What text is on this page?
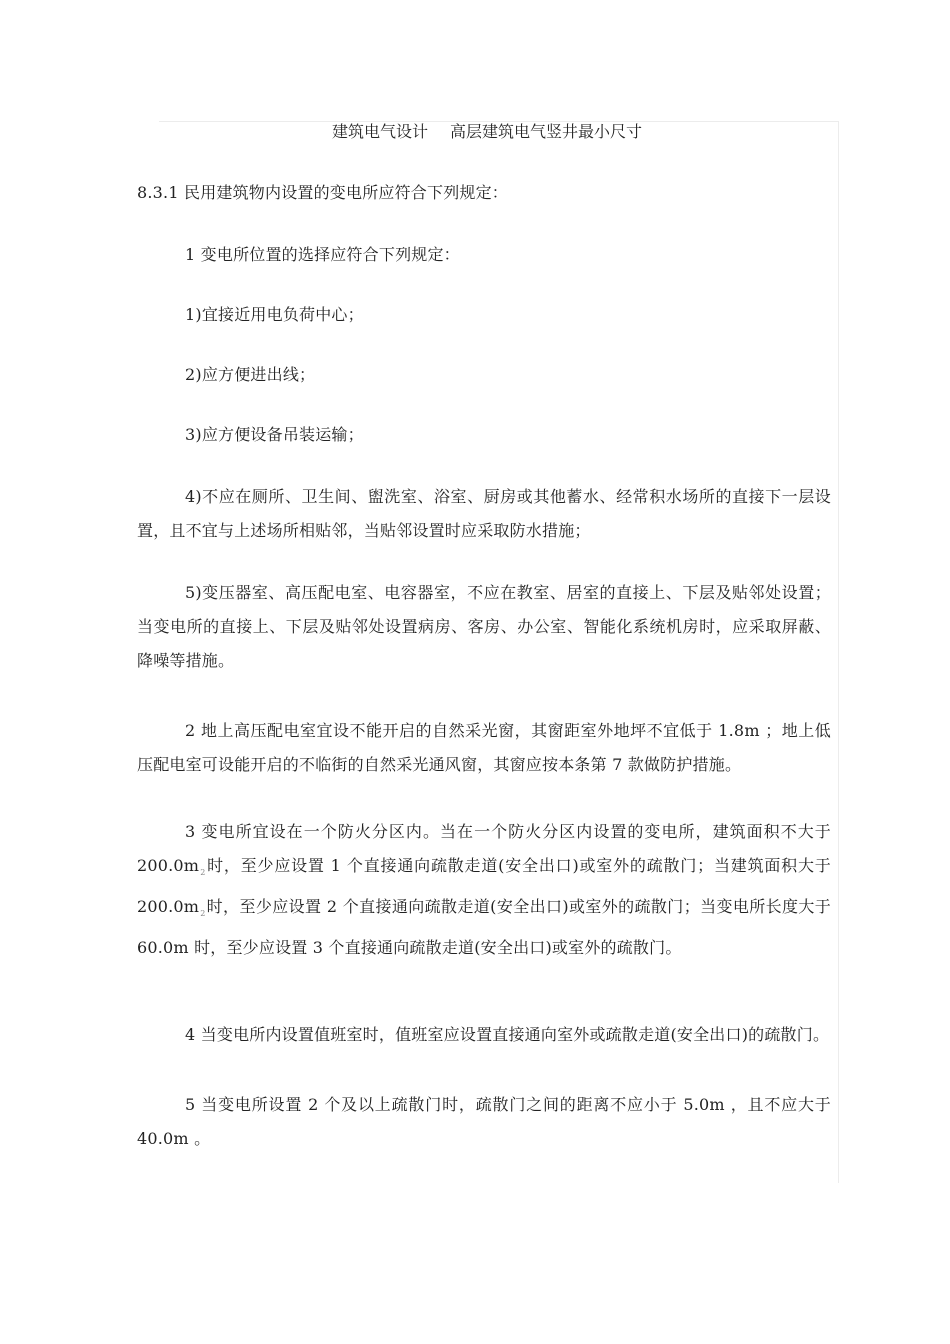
建筑电气设计 高层建筑电气竖井最小尺寸
8.3.1 民用建筑物内设置的变电所应符合下列规定：
1 变电所位置的选择应符合下列规定：
1)宜接近用电负荷中心；
2)应方便进出线；
3)应方便设备吊装运输；
4)不应在厕所、卫生间、盥洗室、浴室、厨房或其他蓄水、经常积水场所的直接下一层设置，且不宜与上述场所相贴邻，当贴邻设置时应采取防水措施；
5)变压器室、高压配电室、电容器室，不应在教室、居室的直接上、下层及贴邻处设置；当变电所的直接上、下层及贴邻处设置病房、客房、办公室、智能化系统机房时，应采取屏蔽、降噪等措施。
2 地上高压配电室宜设不能开启的自然采光窗，其窗距室外地坪不宜低于 1.8m ；地上低压配电室可设能开启的不临街的自然采光通风窗，其窗应按本条第 7 款做防护措施。
3 变电所宜设在一个防火分区内。当在一个防火分区内设置的变电所，建筑面积不大于 $200.0m_2$时，至少应设置 1 个直接通向疏散走道(安全出口)或室外的疏散门；当建筑面积大于 $200.0m_2$时，至少应设置 2 个直接通向疏散走道(安全出口)或室外的疏散门；当变电所长度大于 60.0m 时，至少应设置 3 个直接通向疏散走道(安全出口)或室外的疏散门。
4 当变电所内设置值班室时，值班室应设置直接通向室外或疏散走道(安全出口)的疏散门。
5 当变电所设置 2 个及以上疏散门时，疏散门之间的距离不应小于 5.0m ，且不应大于 40.0m 。
